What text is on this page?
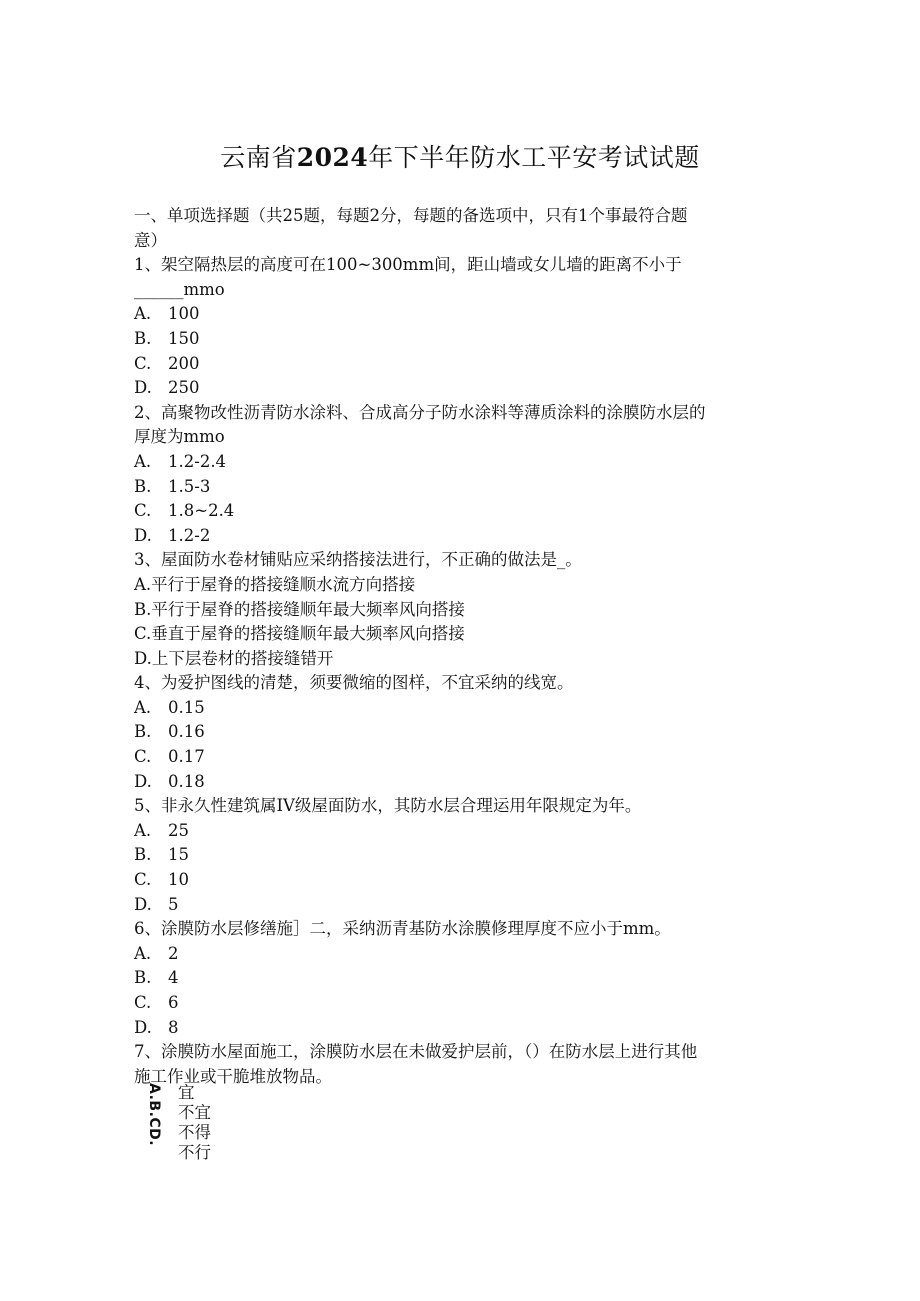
云南省2024年下半年防水工平安考试试题
一、单项选择题（共25题，每题2分，每题的备选项中，只有1个事最符合题
意）
1、架空隔热层的高度可在100~300mm间，距山墙或女儿墙的距离不小于
______mmo
A. 100
B. 150
C. 200
D. 250
2、高聚物改性沥青防水涂料、合成高分子防水涂料等薄质涂料的涂膜防水层的
厚度为mmo
A. 1.2-2.4
B. 1.5-3
C. 1.8~2.4
D. 1.2-2
3、屋面防水卷材铺贴应采纳搭接法进行，不正确的做法是_。
A.平行于屋脊的搭接缝顺水流方向搭接
B.平行于屋脊的搭接缝顺年最大频率风向搭接
C.垂直于屋脊的搭接缝顺年最大频率风向搭接
D.上下层卷材的搭接缝错开
4、为爱护图线的清楚，须要微缩的图样，不宜采纳的线宽。
A. 0.15
B. 0.16
C. 0.17
D. 0.18
5、非永久性建筑属IV级屋面防水，其防水层合理运用年限规定为年。
A. 25
B. 15
C. 10
D. 5
6、涂膜防水层修缮施］二，采纳沥青基防水涂膜修理厚度不应小于mm。
A. 2
B. 4
C. 6
D. 8
7、涂膜防水屋面施工，涂膜防水层在未做爱护层前，（）在防水层上进行其他
施工作业或干脆堆放物品。
A.B.CD. 宜
不宜
不得
不行
